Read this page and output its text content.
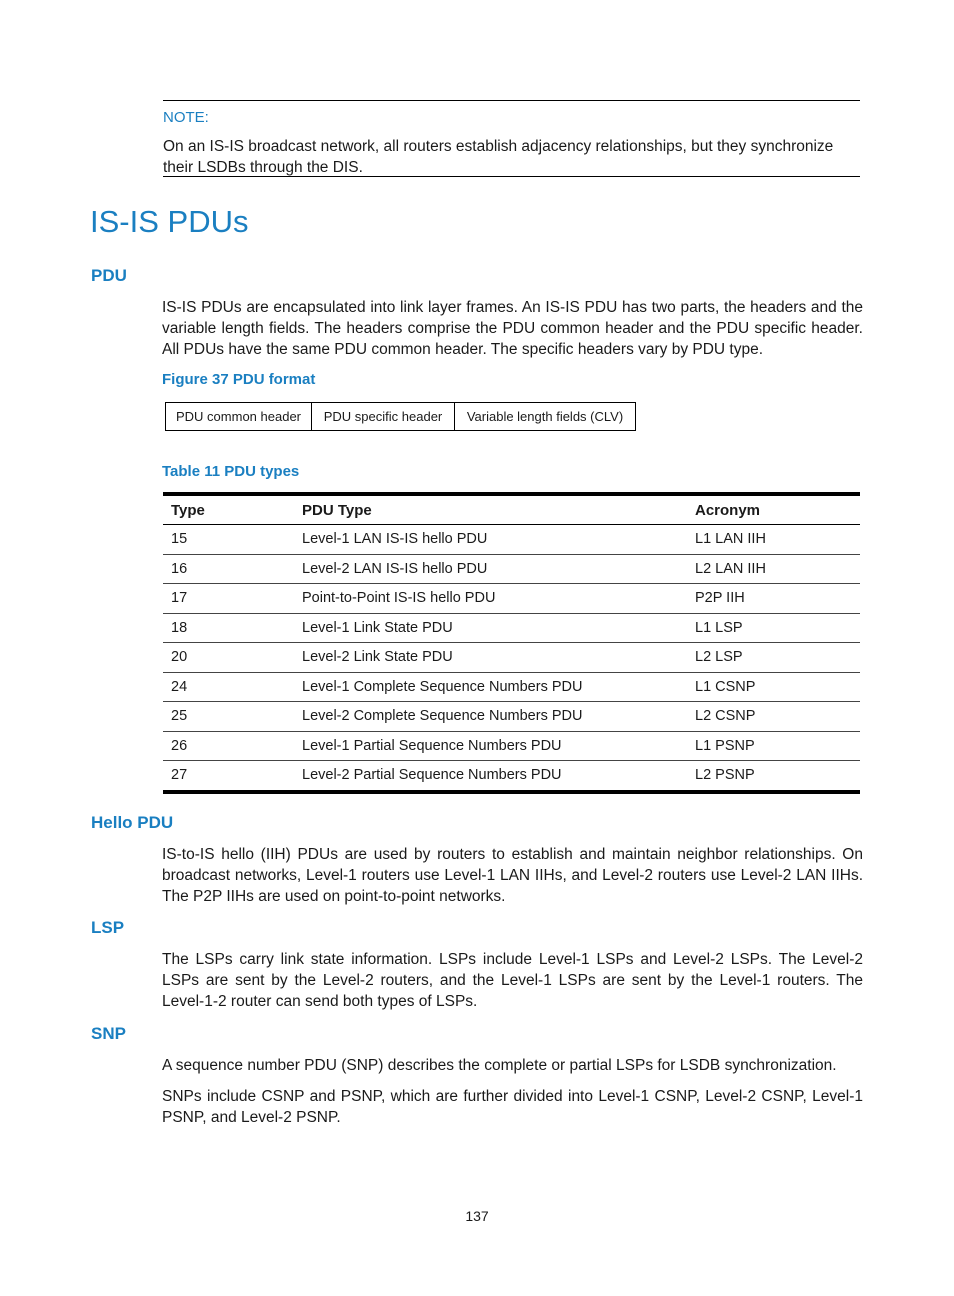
NOTE:
On an IS-IS broadcast network, all routers establish adjacency relationships, but they synchronize their LSDBs through the DIS.
IS-IS PDUs
PDU
IS-IS PDUs are encapsulated into link layer frames. An IS-IS PDU has two parts, the headers and the variable length fields. The headers comprise the PDU common header and the PDU specific header. All PDUs have the same PDU common header. The specific headers vary by PDU type.
Figure 37 PDU format
PDU common header	PDU specific header	Variable length fields (CLV)
Table 11 PDU types
Type	PDU Type	Acronym
15	Level-1 LAN IS-IS hello PDU	L1 LAN IIH
16	Level-2 LAN IS-IS hello PDU	L2 LAN IIH
17	Point-to-Point IS-IS hello PDU	P2P IIH
18	Level-1 Link State PDU	L1 LSP
20	Level-2 Link State PDU	L2 LSP
24	Level-1 Complete Sequence Numbers PDU	L1 CSNP
25	Level-2 Complete Sequence Numbers PDU	L2 CSNP
26	Level-1 Partial Sequence Numbers PDU	L1 PSNP
27	Level-2 Partial Sequence Numbers PDU	L2 PSNP
Hello PDU
IS-to-IS hello (IIH) PDUs are used by routers to establish and maintain neighbor relationships. On broadcast networks, Level-1 routers use Level-1 LAN IIHs, and Level-2 routers use Level-2 LAN IIHs. The P2P IIHs are used on point-to-point networks.
LSP
The LSPs carry link state information. LSPs include Level-1 LSPs and Level-2 LSPs. The Level-2 LSPs are sent by the Level-2 routers, and the Level-1 LSPs are sent by the Level-1 routers. The Level-1-2 router can send both types of LSPs.
SNP
A sequence number PDU (SNP) describes the complete or partial LSPs for LSDB synchronization.
SNPs include CSNP and PSNP, which are further divided into Level-1 CSNP, Level-2 CSNP, Level-1 PSNP, and Level-2 PSNP.
137
